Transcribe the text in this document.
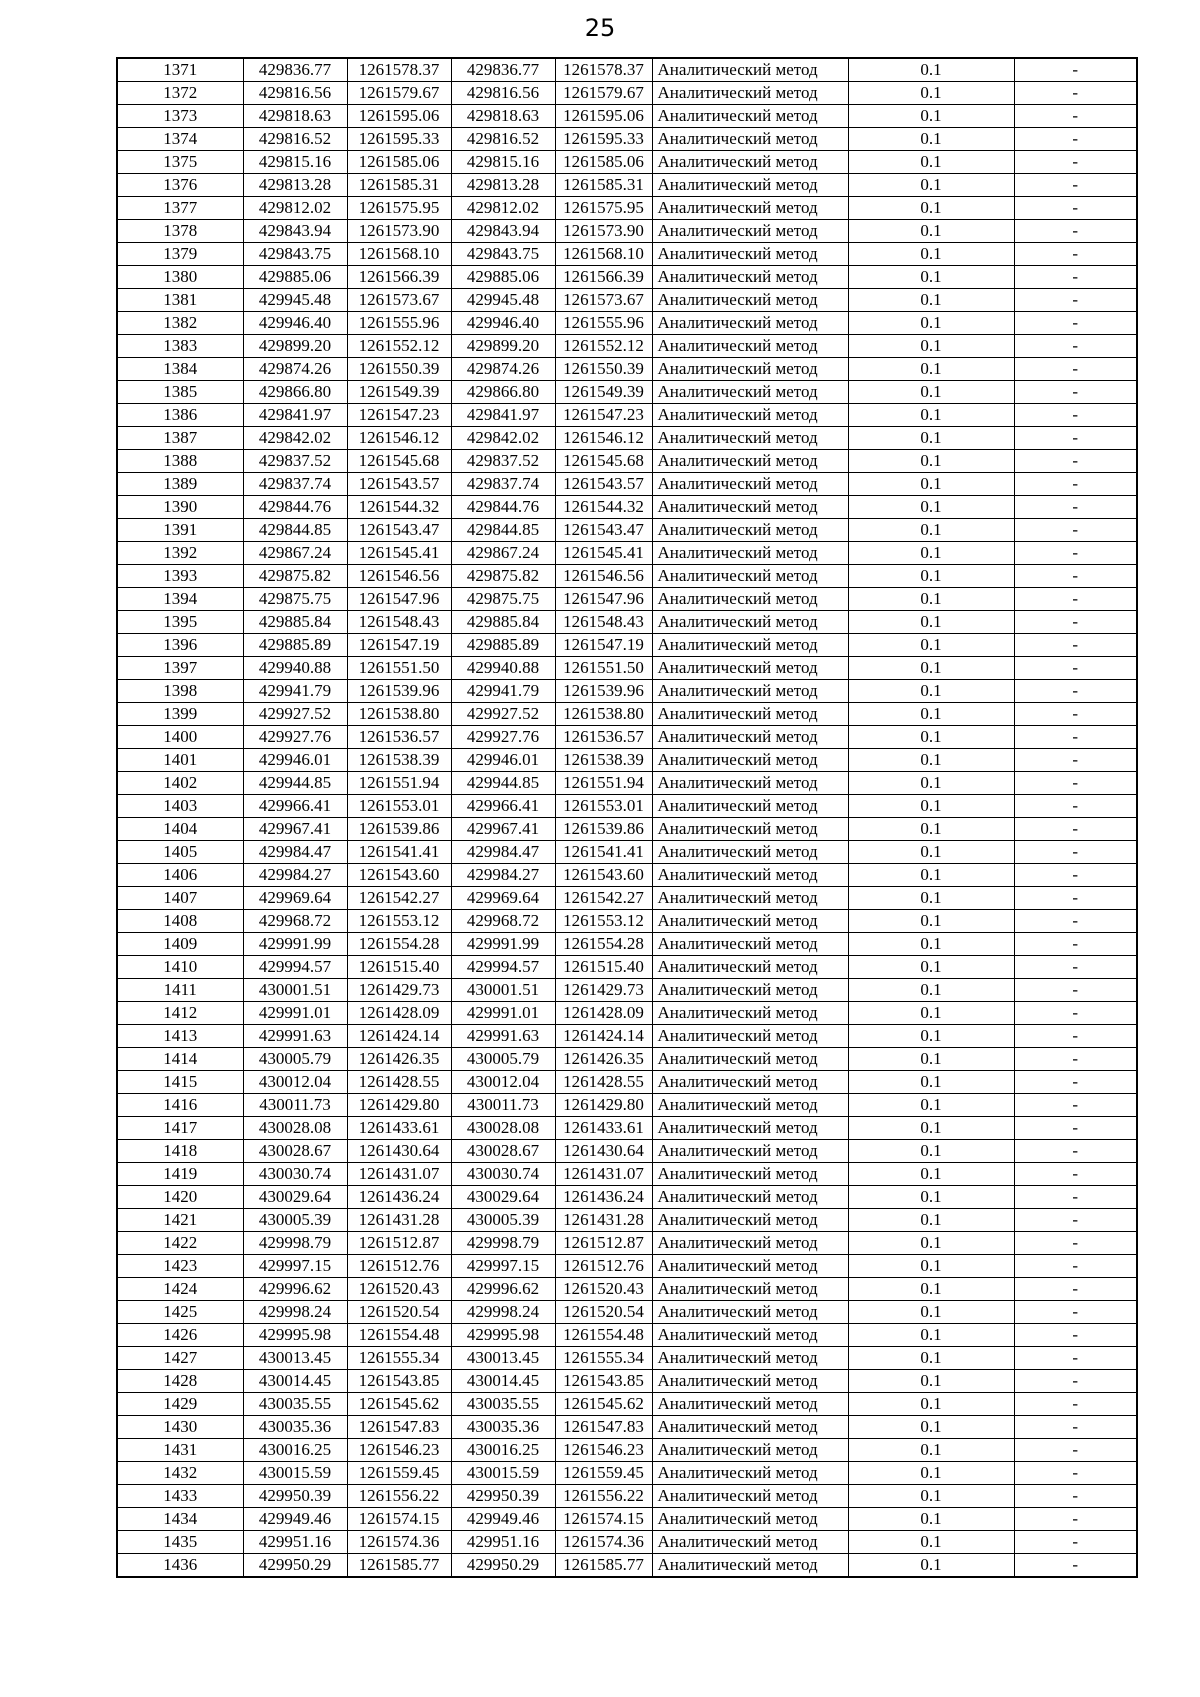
25
1371	429836.77	1261578.37	429836.77	1261578.37	Аналитический метод	0.1	-
1372	429816.56	1261579.67	429816.56	1261579.67	Аналитический метод	0.1	-
1373	429818.63	1261595.06	429818.63	1261595.06	Аналитический метод	0.1	-
1374	429816.52	1261595.33	429816.52	1261595.33	Аналитический метод	0.1	-
1375	429815.16	1261585.06	429815.16	1261585.06	Аналитический метод	0.1	-
1376	429813.28	1261585.31	429813.28	1261585.31	Аналитический метод	0.1	-
1377	429812.02	1261575.95	429812.02	1261575.95	Аналитический метод	0.1	-
1378	429843.94	1261573.90	429843.94	1261573.90	Аналитический метод	0.1	-
1379	429843.75	1261568.10	429843.75	1261568.10	Аналитический метод	0.1	-
1380	429885.06	1261566.39	429885.06	1261566.39	Аналитический метод	0.1	-
1381	429945.48	1261573.67	429945.48	1261573.67	Аналитический метод	0.1	-
1382	429946.40	1261555.96	429946.40	1261555.96	Аналитический метод	0.1	-
1383	429899.20	1261552.12	429899.20	1261552.12	Аналитический метод	0.1	-
1384	429874.26	1261550.39	429874.26	1261550.39	Аналитический метод	0.1	-
1385	429866.80	1261549.39	429866.80	1261549.39	Аналитический метод	0.1	-
1386	429841.97	1261547.23	429841.97	1261547.23	Аналитический метод	0.1	-
1387	429842.02	1261546.12	429842.02	1261546.12	Аналитический метод	0.1	-
1388	429837.52	1261545.68	429837.52	1261545.68	Аналитический метод	0.1	-
1389	429837.74	1261543.57	429837.74	1261543.57	Аналитический метод	0.1	-
1390	429844.76	1261544.32	429844.76	1261544.32	Аналитический метод	0.1	-
1391	429844.85	1261543.47	429844.85	1261543.47	Аналитический метод	0.1	-
1392	429867.24	1261545.41	429867.24	1261545.41	Аналитический метод	0.1	-
1393	429875.82	1261546.56	429875.82	1261546.56	Аналитический метод	0.1	-
1394	429875.75	1261547.96	429875.75	1261547.96	Аналитический метод	0.1	-
1395	429885.84	1261548.43	429885.84	1261548.43	Аналитический метод	0.1	-
1396	429885.89	1261547.19	429885.89	1261547.19	Аналитический метод	0.1	-
1397	429940.88	1261551.50	429940.88	1261551.50	Аналитический метод	0.1	-
1398	429941.79	1261539.96	429941.79	1261539.96	Аналитический метод	0.1	-
1399	429927.52	1261538.80	429927.52	1261538.80	Аналитический метод	0.1	-
1400	429927.76	1261536.57	429927.76	1261536.57	Аналитический метод	0.1	-
1401	429946.01	1261538.39	429946.01	1261538.39	Аналитический метод	0.1	-
1402	429944.85	1261551.94	429944.85	1261551.94	Аналитический метод	0.1	-
1403	429966.41	1261553.01	429966.41	1261553.01	Аналитический метод	0.1	-
1404	429967.41	1261539.86	429967.41	1261539.86	Аналитический метод	0.1	-
1405	429984.47	1261541.41	429984.47	1261541.41	Аналитический метод	0.1	-
1406	429984.27	1261543.60	429984.27	1261543.60	Аналитический метод	0.1	-
1407	429969.64	1261542.27	429969.64	1261542.27	Аналитический метод	0.1	-
1408	429968.72	1261553.12	429968.72	1261553.12	Аналитический метод	0.1	-
1409	429991.99	1261554.28	429991.99	1261554.28	Аналитический метод	0.1	-
1410	429994.57	1261515.40	429994.57	1261515.40	Аналитический метод	0.1	-
1411	430001.51	1261429.73	430001.51	1261429.73	Аналитический метод	0.1	-
1412	429991.01	1261428.09	429991.01	1261428.09	Аналитический метод	0.1	-
1413	429991.63	1261424.14	429991.63	1261424.14	Аналитический метод	0.1	-
1414	430005.79	1261426.35	430005.79	1261426.35	Аналитический метод	0.1	-
1415	430012.04	1261428.55	430012.04	1261428.55	Аналитический метод	0.1	-
1416	430011.73	1261429.80	430011.73	1261429.80	Аналитический метод	0.1	-
1417	430028.08	1261433.61	430028.08	1261433.61	Аналитический метод	0.1	-
1418	430028.67	1261430.64	430028.67	1261430.64	Аналитический метод	0.1	-
1419	430030.74	1261431.07	430030.74	1261431.07	Аналитический метод	0.1	-
1420	430029.64	1261436.24	430029.64	1261436.24	Аналитический метод	0.1	-
1421	430005.39	1261431.28	430005.39	1261431.28	Аналитический метод	0.1	-
1422	429998.79	1261512.87	429998.79	1261512.87	Аналитический метод	0.1	-
1423	429997.15	1261512.76	429997.15	1261512.76	Аналитический метод	0.1	-
1424	429996.62	1261520.43	429996.62	1261520.43	Аналитический метод	0.1	-
1425	429998.24	1261520.54	429998.24	1261520.54	Аналитический метод	0.1	-
1426	429995.98	1261554.48	429995.98	1261554.48	Аналитический метод	0.1	-
1427	430013.45	1261555.34	430013.45	1261555.34	Аналитический метод	0.1	-
1428	430014.45	1261543.85	430014.45	1261543.85	Аналитический метод	0.1	-
1429	430035.55	1261545.62	430035.55	1261545.62	Аналитический метод	0.1	-
1430	430035.36	1261547.83	430035.36	1261547.83	Аналитический метод	0.1	-
1431	430016.25	1261546.23	430016.25	1261546.23	Аналитический метод	0.1	-
1432	430015.59	1261559.45	430015.59	1261559.45	Аналитический метод	0.1	-
1433	429950.39	1261556.22	429950.39	1261556.22	Аналитический метод	0.1	-
1434	429949.46	1261574.15	429949.46	1261574.15	Аналитический метод	0.1	-
1435	429951.16	1261574.36	429951.16	1261574.36	Аналитический метод	0.1	-
1436	429950.29	1261585.77	429950.29	1261585.77	Аналитический метод	0.1	-
